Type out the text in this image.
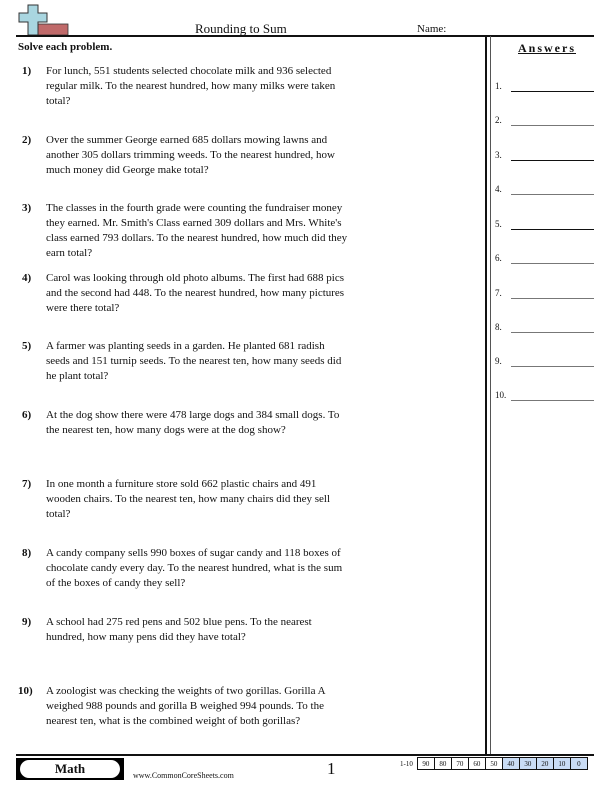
Rounding to Sum	Name:
Solve each problem.	Answers
1) For lunch, 551 students selected chocolate milk and 936 selected regular milk. To the nearest hundred, how many milks were taken total?
2) Over the summer George earned 685 dollars mowing lawns and another 305 dollars trimming weeds. To the nearest hundred, how much money did George make total?
3) The classes in the fourth grade were counting the fundraiser money they earned. Mr. Smith's Class earned 309 dollars and Mrs. White's class earned 793 dollars. To the nearest hundred, how much did they earn total?
4) Carol was looking through old photo albums. The first had 688 pics and the second had 448. To the nearest hundred, how many pictures were there total?
5) A farmer was planting seeds in a garden. He planted 681 radish seeds and 151 turnip seeds. To the nearest ten, how many seeds did he plant total?
6) At the dog show there were 478 large dogs and 384 small dogs. To the nearest ten, how many dogs were at the dog show?
7) In one month a furniture store sold 662 plastic chairs and 491 wooden chairs. To the nearest ten, how many chairs did they sell total?
8) A candy company sells 990 boxes of sugar candy and 118 boxes of chocolate candy every day. To the nearest hundred, what is the sum of the boxes of candy they sell?
9) A school had 275 red pens and 502 blue pens. To the nearest hundred, how many pens did they have total?
10) A zoologist was checking the weights of two gorillas. Gorilla A weighed 988 pounds and gorilla B weighed 994 pounds. To the nearest ten, what is the combined weight of both gorillas?
1.
2.
3.
4.
5.
6.
7.
8.
9.
10.
Math	www.CommonCoreSheets.com	1	1-10	90	80	70	60	50	40	30	20	10	0
